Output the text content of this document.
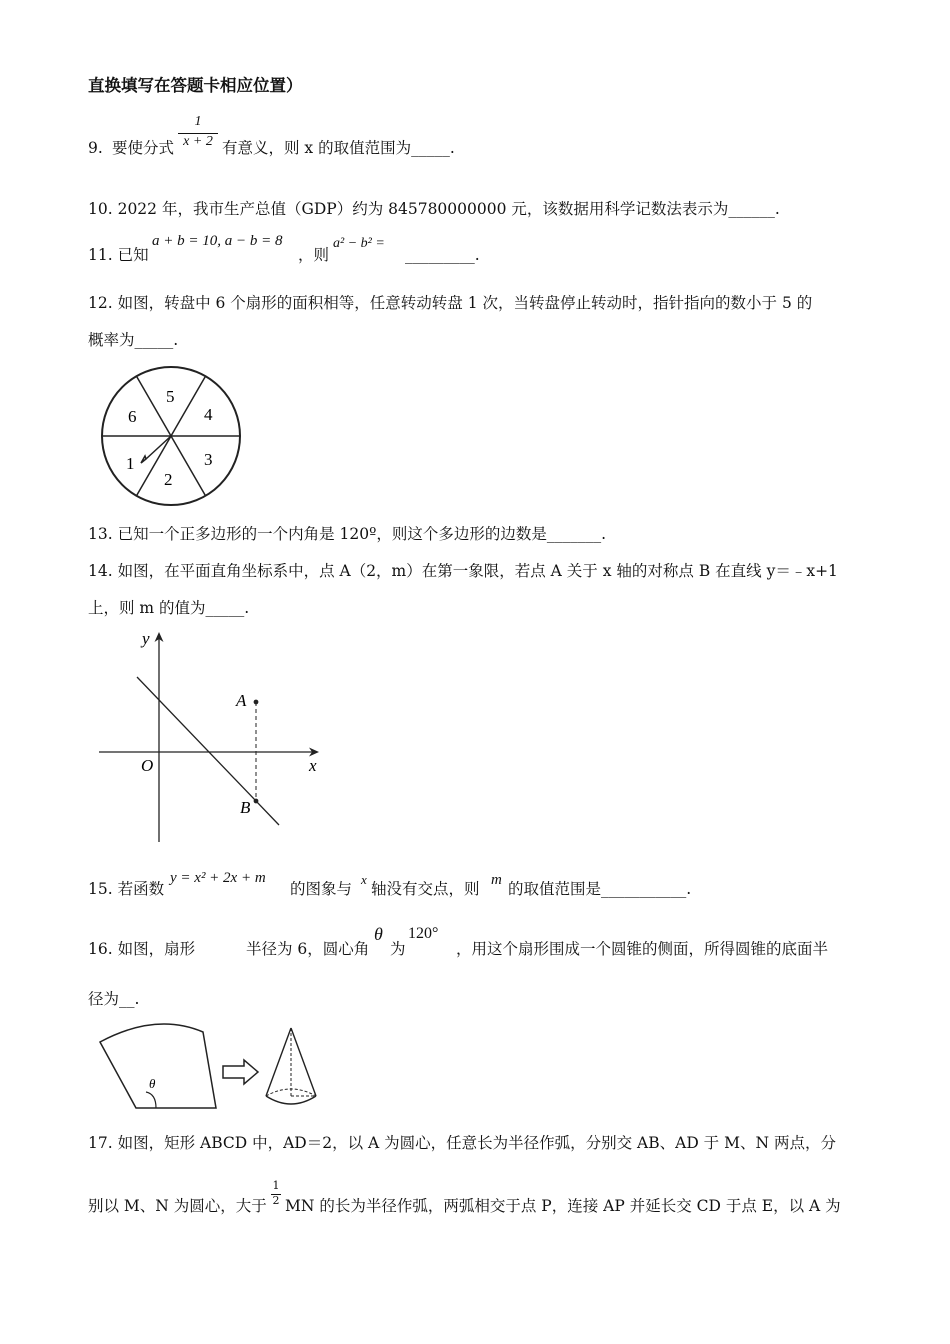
直换填写在答题卡相应位置）
9. 要使分式 $\frac{1}{x + 2}$ 有意义，则 x 的取值范围为_____.
10. 2022 年，我市生产总值（GDP）约为 845780000000 元，该数据用科学记数法表示为______.
11. 已知
a + b = 10, a − b = 8
，则
a² − b² =
_________.
12. 如图，转盘中 6 个扇形的面积相等，任意转动转盘 1 次，当转盘停止转动时，指针指向的数小于 5 的
概率为_____.
5
4
3
2
1
6
13. 已知一个正多边形的一个内角是 120º，则这个多边形的边数是_______.
14. 如图，在平面直角坐标系中，点 A（2，m）在第一象限，若点 A 关于 x 轴的对称点 B 在直线 y＝﹣x+1
上，则 m 的值为_____.
y
x
O
A
B
15. 若函数
y = x² + 2x + m
的图象与
x
轴没有交点，则 m 的取值范围是___________.
16. 如图，扇形	半径为 6，圆心角
θ
为
120°
，用这个扇形围成一个圆锥的侧面，所得圆锥的底面半
径为__.
θ
17. 如图，矩形 ABCD 中，AD＝2，以 A 为圆心，任意长为半径作弧，分别交 AB、AD 于 M、N 两点，分
别以 M、N 为圆心，大于 $\frac{1}{2}$ MN 的长为半径作弧，两弧相交于点 P，连接 AP 并延长交 CD 于点 E，以 A 为
